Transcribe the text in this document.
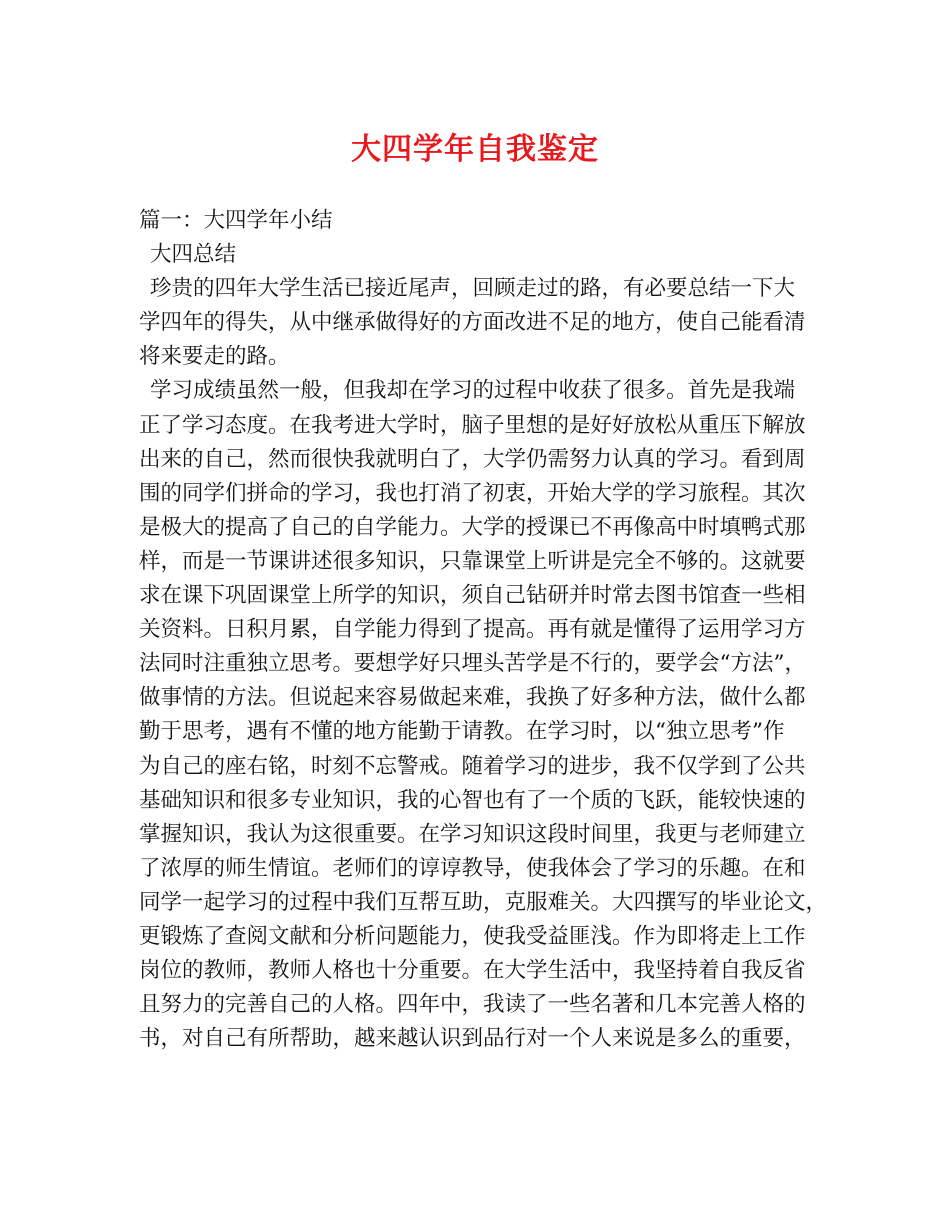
大四学年自我鉴定
篇一：大四学年小结
大四总结
珍贵的四年大学生活已接近尾声，回顾走过的路，有必要总结一下大
学四年的得失，从中继承做得好的方面改进不足的地方，使自己能看清
将来要走的路。
学习成绩虽然一般，但我却在学习的过程中收获了很多。首先是我端
正了学习态度。在我考进大学时，脑子里想的是好好放松从重压下解放
出来的自己，然而很快我就明白了，大学仍需努力认真的学习。看到周
围的同学们拼命的学习，我也打消了初衷，开始大学的学习旅程。其次
是极大的提高了自己的自学能力。大学的授课已不再像高中时填鸭式那
样，而是一节课讲述很多知识，只靠课堂上听讲是完全不够的。这就要
求在课下巩固课堂上所学的知识，须自己钻研并时常去图书馆查一些相
关资料。日积月累，自学能力得到了提高。再有就是懂得了运用学习方
法同时注重独立思考。要想学好只埋头苦学是不行的，要学会“方法”，
做事情的方法。但说起来容易做起来难，我换了好多种方法，做什么都
勤于思考，遇有不懂的地方能勤于请教。在学习时，以“独立思考”作
为自己的座右铭，时刻不忘警戒。随着学习的进步，我不仅学到了公共
基础知识和很多专业知识，我的心智也有了一个质的飞跃，能较快速的
掌握知识，我认为这很重要。在学习知识这段时间里，我更与老师建立
了浓厚的师生情谊。老师们的谆谆教导，使我体会了学习的乐趣。在和
同学一起学习的过程中我们互帮互助，克服难关。大四撰写的毕业论文，
更锻炼了查阅文献和分析问题能力，使我受益匪浅。作为即将走上工作
岗位的教师，教师人格也十分重要。在大学生活中，我坚持着自我反省
且努力的完善自己的人格。四年中，我读了一些名著和几本完善人格的
书，对自己有所帮助，越来越认识到品行对一个人来说是多么的重要，
